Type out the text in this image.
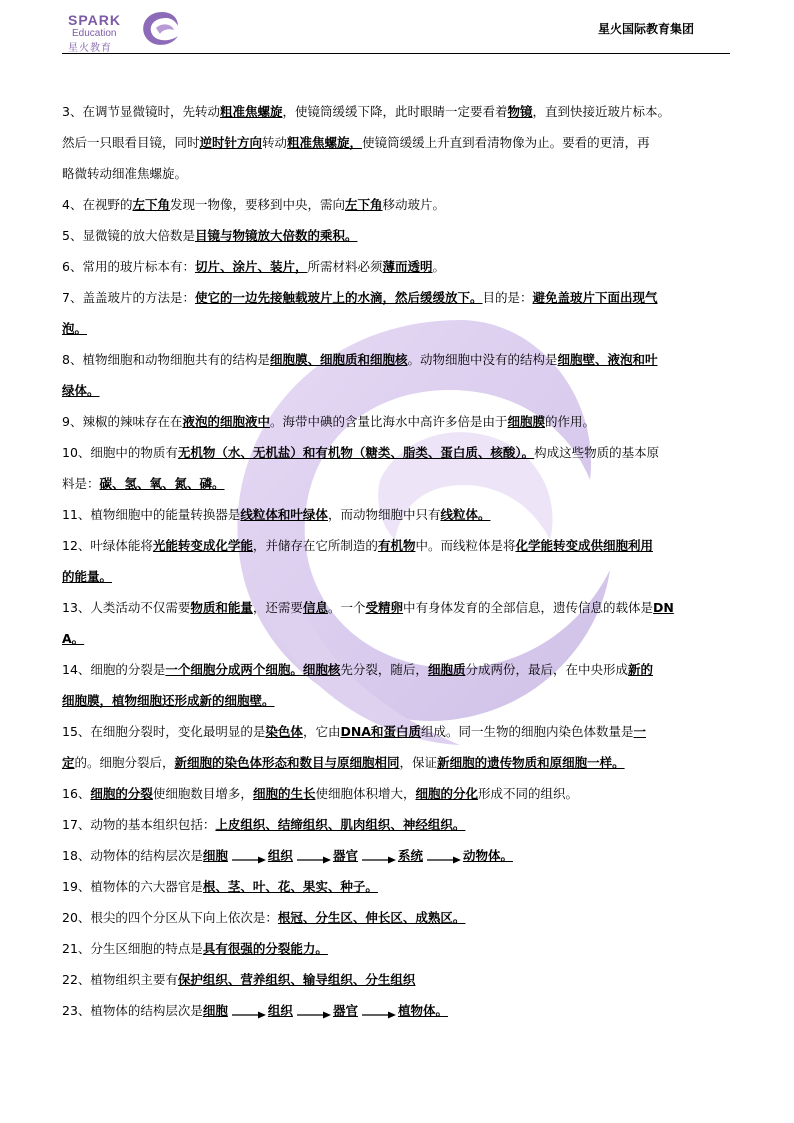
SPARK
Education
星火教育
星火国际教育集团
3、在调节显微镜时，先转动粗准焦螺旋，使镜筒缓缓下降，此时眼睛一定要看着物镜，直到快接近玻片标本。
然后一只眼看目镜，同时逆时针方向转动粗准焦螺旋，使镜筒缓缓上升直到看清物像为止。要看的更清，再
略微转动细准焦螺旋。
4、在视野的左下角发现一物像，要移到中央，需向左下角移动玻片。
5、显微镜的放大倍数是目镜与物镜放大倍数的乘积。
6、常用的玻片标本有：切片、涂片、装片，所需材料必须薄而透明。
7、盖盖玻片的方法是：使它的一边先接触载玻片上的水滴，然后缓缓放下。目的是：避免盖玻片下面出现气
泡。
8、植物细胞和动物细胞共有的结构是细胞膜、细胞质和细胞核。动物细胞中没有的结构是细胞壁、液泡和叶
绿体。
9、辣椒的辣味存在在液泡的细胞液中。海带中碘的含量比海水中高许多倍是由于细胞膜的作用。
10、细胞中的物质有无机物（水、无机盐）和有机物（糖类、脂类、蛋白质、核酸）。构成这些物质的基本原
料是：碳、氢、氧、氮、磷。
11、植物细胞中的能量转换器是线粒体和叶绿体，而动物细胞中只有线粒体。
12、叶绿体能将光能转变成化学能，并储存在它所制造的有机物中。而线粒体是将化学能转变成供细胞利用
的能量。
13、人类活动不仅需要物质和能量，还需要信息。一个受精卵中有身体发育的全部信息，遗传信息的载体是DN
A。
14、细胞的分裂是一个细胞分成两个细胞。细胞核先分裂，随后，细胞质分成两份，最后，在中央形成新的
细胞膜，植物细胞还形成新的细胞壁。
15、在细胞分裂时，变化最明显的是染色体，它由DNA和蛋白质组成。同一生物的细胞内染色体数量是一
定的。细胞分裂后，新细胞的染色体形态和数目与原细胞相同，保证新细胞的遗传物质和原细胞一样。
16、细胞的分裂使细胞数目增多，细胞的生长使细胞体积增大，细胞的分化形成不同的组织。
17、动物的基本组织包括：上皮组织、结缔组织、肌肉组织、神经组织。
18、动物体的结构层次是细胞	组织	器官	系统	动物体。
19、植物体的六大器官是根、茎、叶、花、果实、种子。
20、根尖的四个分区从下向上依次是：根冠、分生区、伸长区、成熟区。
21、分生区细胞的特点是具有很强的分裂能力。
22、植物组织主要有保护组织、营养组织、输导组织、分生组织
23、植物体的结构层次是细胞	组织	器官	植物体。
